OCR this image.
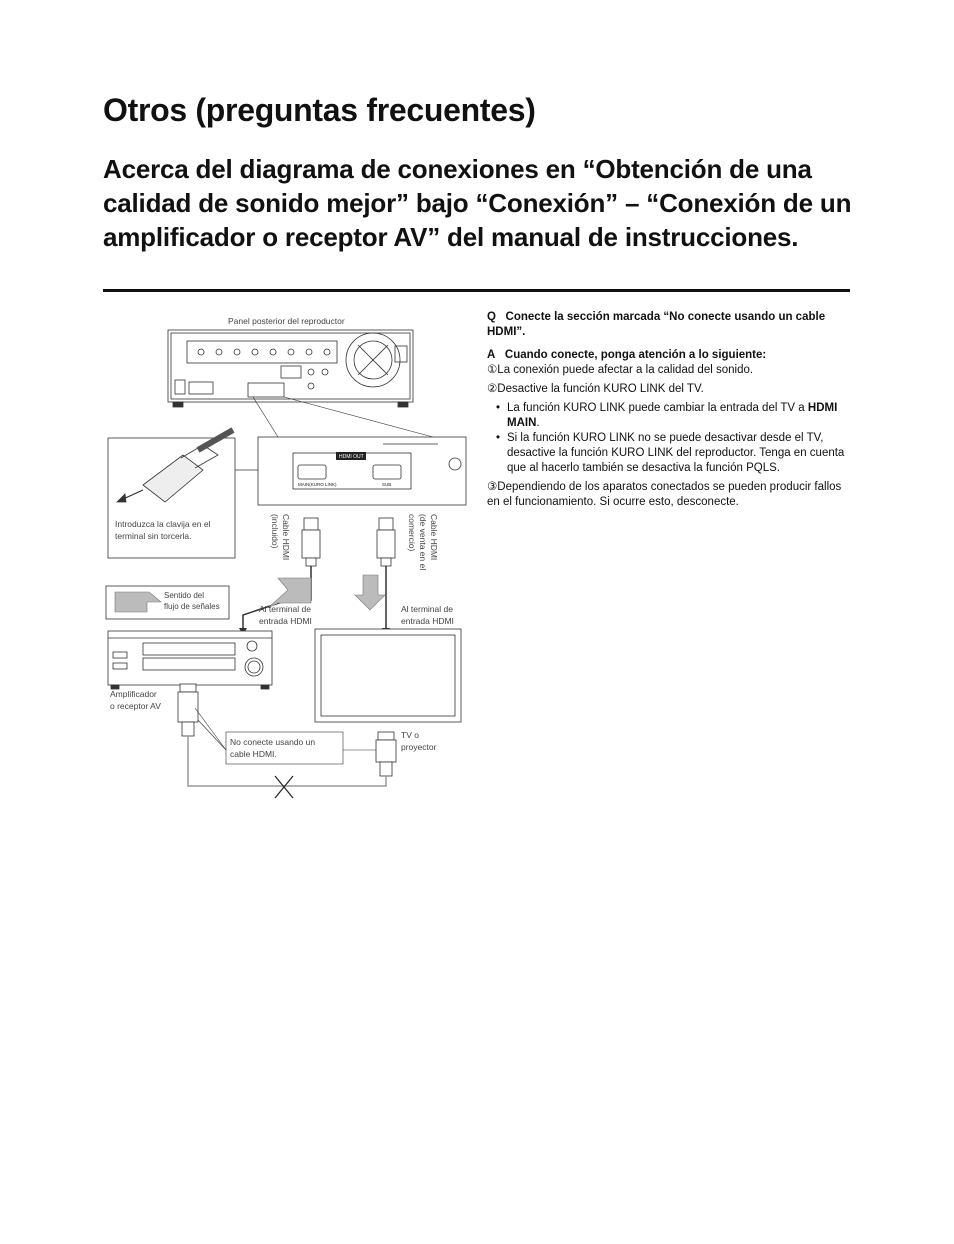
Otros (preguntas frecuentes)
Acerca del diagrama de conexiones en “Obtención de una calidad de sonido mejor” bajo “Conexión” – “Conexión de un amplificador o receptor AV” del manual de instrucciones.
Panel posterior del reproductor
HDMI OUT
MAIN(KURO LINK)	SUB
Introduzca la clavija en el
terminal sin torcerla.	Cable HDMI
(incluido)	Cable HDMI
(de venta en el
comercio)
Sentido del
flujo de señales	Al terminal de
entrada HDMI
Al terminal de
entrada HDMI
Amplificador
o receptor AV
No conecte usando un
cable HDMI.
TV o
proyector

Q Conecte la sección marcada “No conecte usando un cable HDMI”.

A Cuando conecte, ponga atención a lo siguiente:

①La conexión puede afectar a la calidad del sonido.

②Desactive la función KURO LINK del TV.

• La función KURO LINK puede cambiar la entrada del TV a HDMI MAIN.

• Si la función KURO LINK no se puede desactivar desde el TV, desactive la función KURO LINK del reproductor. Tenga en cuenta que al hacerlo también se desactiva la función PQLS.

③Dependiendo de los aparatos conectados se pueden producir fallos en el funcionamiento. Si ocurre esto, desconecte.
